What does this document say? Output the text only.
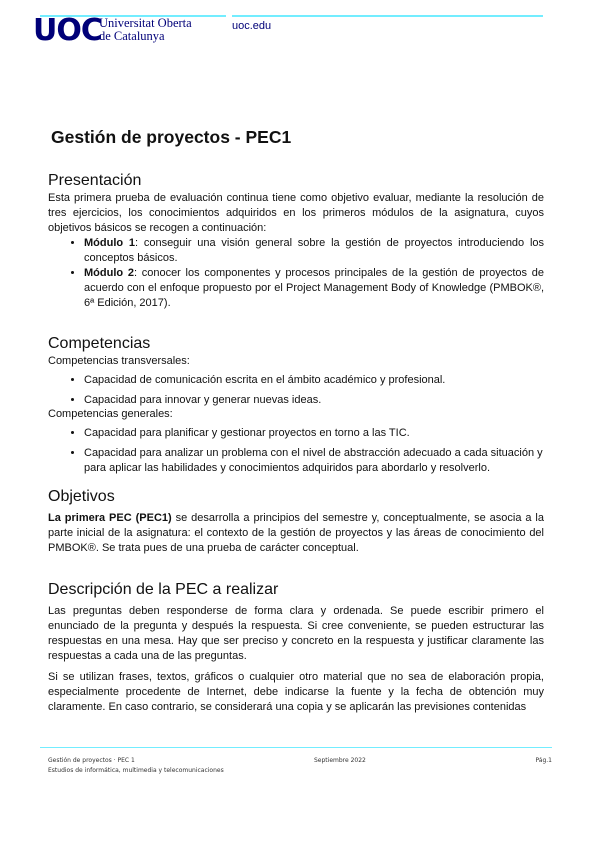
UOC
Universitat Oberta
de Catalunya
uoc.edu
Gestión de proyectos - PEC1
Presentación

Esta primera prueba de evaluación continua tiene como objetivo evaluar, mediante la resolución de tres ejercicios, los conocimientos adquiridos en los primeros módulos de la asignatura, cuyos objetivos básicos se recogen a continuación:

• Módulo 1: conseguir una visión general sobre la gestión de proyectos introduciendo los conceptos básicos.
• Módulo 2: conocer los componentes y procesos principales de la gestión de proyectos de acuerdo con el enfoque propuesto por el Project Management Body of Knowledge (PMBOK®, 6ª Edición, 2017).
Competencias

Competencias transversales:

• Capacidad de comunicación escrita en el ámbito académico y profesional.
• Capacidad para innovar y generar nuevas ideas.

Competencias generales:

• Capacidad para planificar y gestionar proyectos en torno a las TIC.
• Capacidad para analizar un problema con el nivel de abstracción adecuado a cada situación y para aplicar las habilidades y conocimientos adquiridos para abordarlo y resolverlo.
Objetivos

La primera PEC (PEC1) se desarrolla a principios del semestre y, conceptualmente, se asocia a la parte inicial de la asignatura: el contexto de la gestión de proyectos y las áreas de conocimiento del PMBOK®. Se trata pues de una prueba de carácter conceptual.

Descripción de la PEC a realizar

Las preguntas deben responderse de forma clara y ordenada. Se puede escribir primero el enunciado de la pregunta y después la respuesta. Si cree conveniente, se pueden estructurar las respuestas en una mesa. Hay que ser preciso y concreto en la respuesta y justificar claramente las respuestas a cada una de las preguntas.

Si se utilizan frases, textos, gráficos o cualquier otro material que no sea de elaboración propia, especialmente procedente de Internet, debe indicarse la fuente y la fecha de obtención muy claramente. En caso contrario, se considerará una copia y se aplicarán las previsiones contenidas

Gestión de proyectos · PEC 1
Estudios de informática, multimedia y telecomunicaciones
Septiembre 2022	Pág.1
